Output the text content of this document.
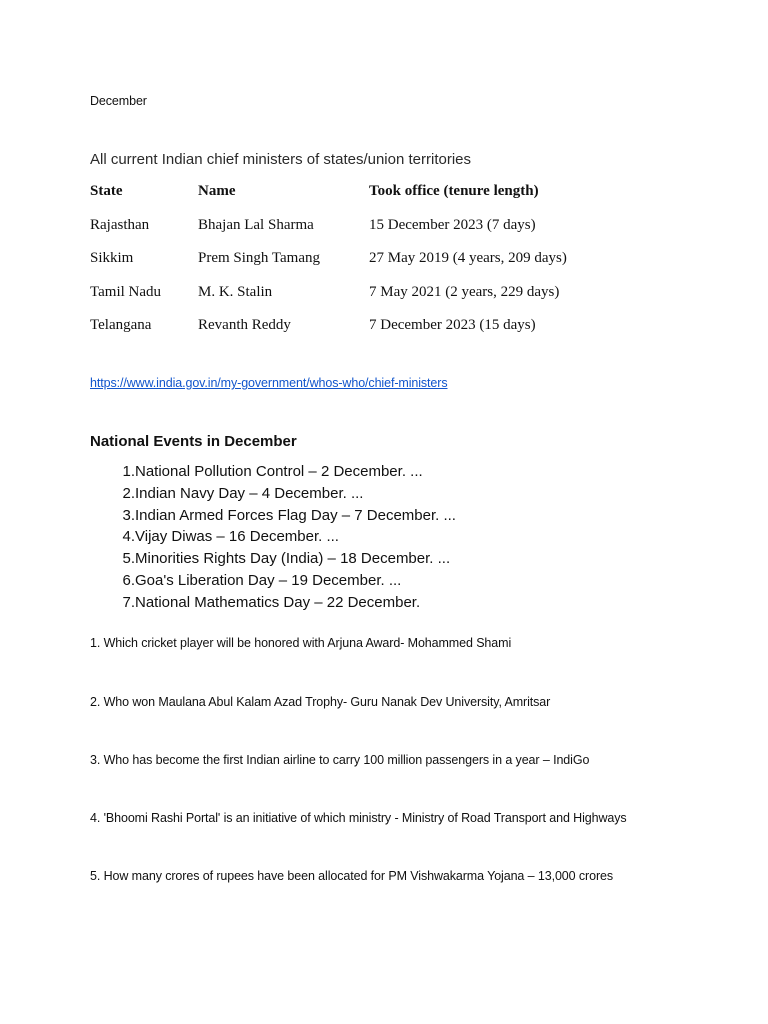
December
All current Indian chief ministers of states/union territories
State	Name	Took office (tenure length)
Rajasthan	Bhajan Lal Sharma	15 December 2023 (7 days)
Sikkim	Prem Singh Tamang	27 May 2019 (4 years, 209 days)
Tamil Nadu	M. K. Stalin	7 May 2021 (2 years, 229 days)
Telangana	Revanth Reddy	7 December 2023 (15 days)
https://www.india.gov.in/my-government/whos-who/chief-ministers
National Events in December
1.National Pollution Control – 2 December. ...
2.Indian Navy Day – 4 December. ...
3.Indian Armed Forces Flag Day – 7 December. ...
4.Vijay Diwas – 16 December. ...
5.Minorities Rights Day (India) – 18 December. ...
6.Goa's Liberation Day – 19 December. ...
7.National Mathematics Day – 22 December.
1. Which cricket player will be honored with Arjuna Award- Mohammed Shami
2. Who won Maulana Abul Kalam Azad Trophy- Guru Nanak Dev University, Amritsar
3. Who has become the first Indian airline to carry 100 million passengers in a year – IndiGo
4. 'Bhoomi Rashi Portal' is an initiative of which ministry - Ministry of Road Transport and Highways
5. How many crores of rupees have been allocated for PM Vishwakarma Yojana – 13,000 crores
